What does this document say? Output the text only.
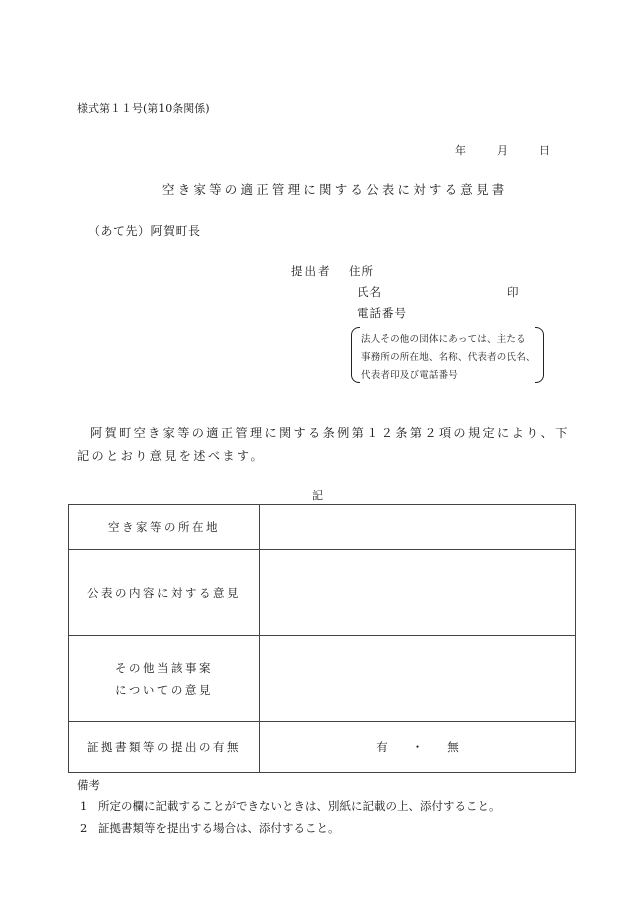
様式第１１号(第10条関係)
年	月	日
空き家等の適正管理に関する公表に対する意見書
（あて先）阿賀町長
提出者 住所
氏名	印
電話番号
法人その他の団体にあっては、主たる
事務所の所在地、名称、代表者の氏名、
代表者印及び電話番号
阿賀町空き家等の適正管理に関する条例第１２条第２項の規定により、下
記のとおり意見を述べます。
記
空き家等の所在地
公表の内容に対する意見
その他当該事案
についての意見
証拠書類等の提出の有無	有 ・ 無
備考
1 所定の欄に記載することができないときは、別紙に記載の上、添付すること。
2 証拠書類等を提出する場合は、添付すること。
